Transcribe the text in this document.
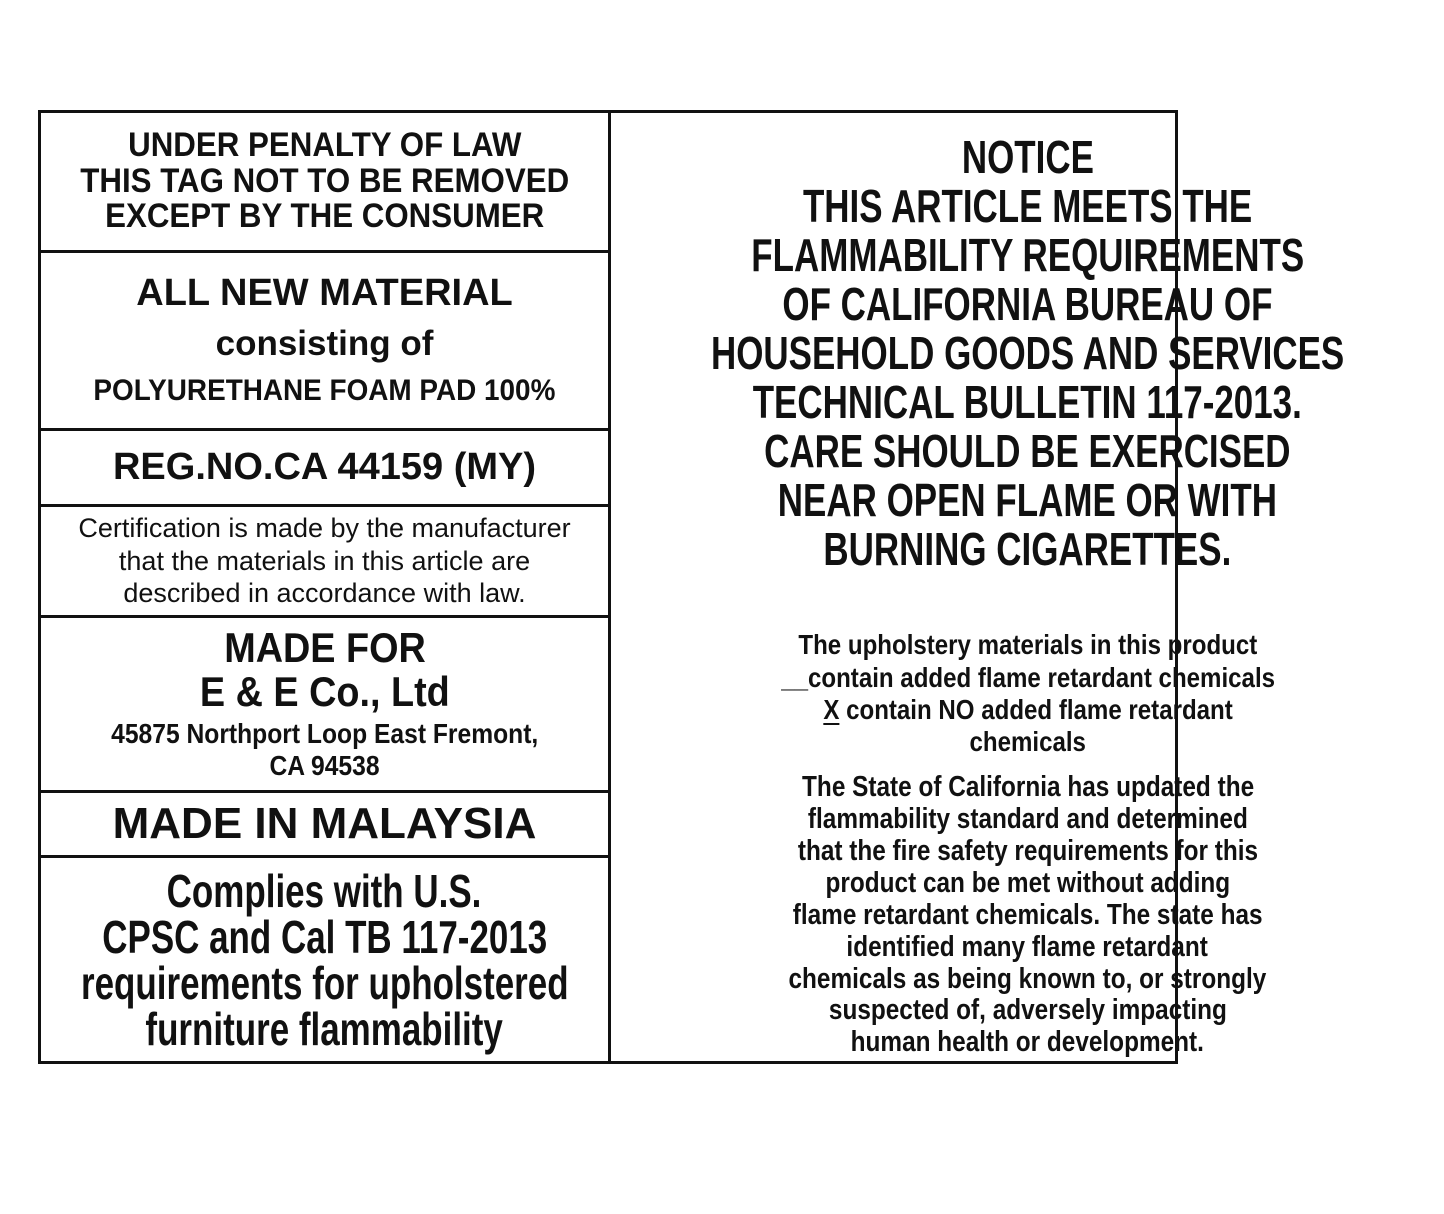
UNDER PENALTY OF LAW
THIS TAG NOT TO BE REMOVED
EXCEPT BY THE CONSUMER
ALL NEW MATERIAL
consisting of
POLYURETHANE FOAM PAD 100%
REG.NO.CA 44159 (MY)
Certification is made by the manufacturer
that the materials in this article are
described in accordance with law.
MADE FOR
E & E Co., Ltd
45875 Northport Loop East Fremont,
CA 94538
MADE IN MALAYSIA
Complies with U.S.
CPSC and Cal TB 117-2013
requirements for upholstered
furniture flammability
NOTICE
THIS ARTICLE MEETS THE
FLAMMABILITY REQUIREMENTS
OF CALIFORNIA BUREAU OF
HOUSEHOLD GOODS AND SERVICES
TECHNICAL BULLETIN 117-2013.
CARE SHOULD BE EXERCISED
NEAR OPEN FLAME OR WITH
BURNING CIGARETTES.
The upholstery materials in this product
__contain added flame retardant chemicals
X contain NO added flame retardant
chemicals
The State of California has updated the
flammability standard and determined
that the fire safety requirements for this
product can be met without adding
flame retardant chemicals. The state has
identified many flame retardant
chemicals as being known to, or strongly
suspected of, adversely impacting
human health or development.
